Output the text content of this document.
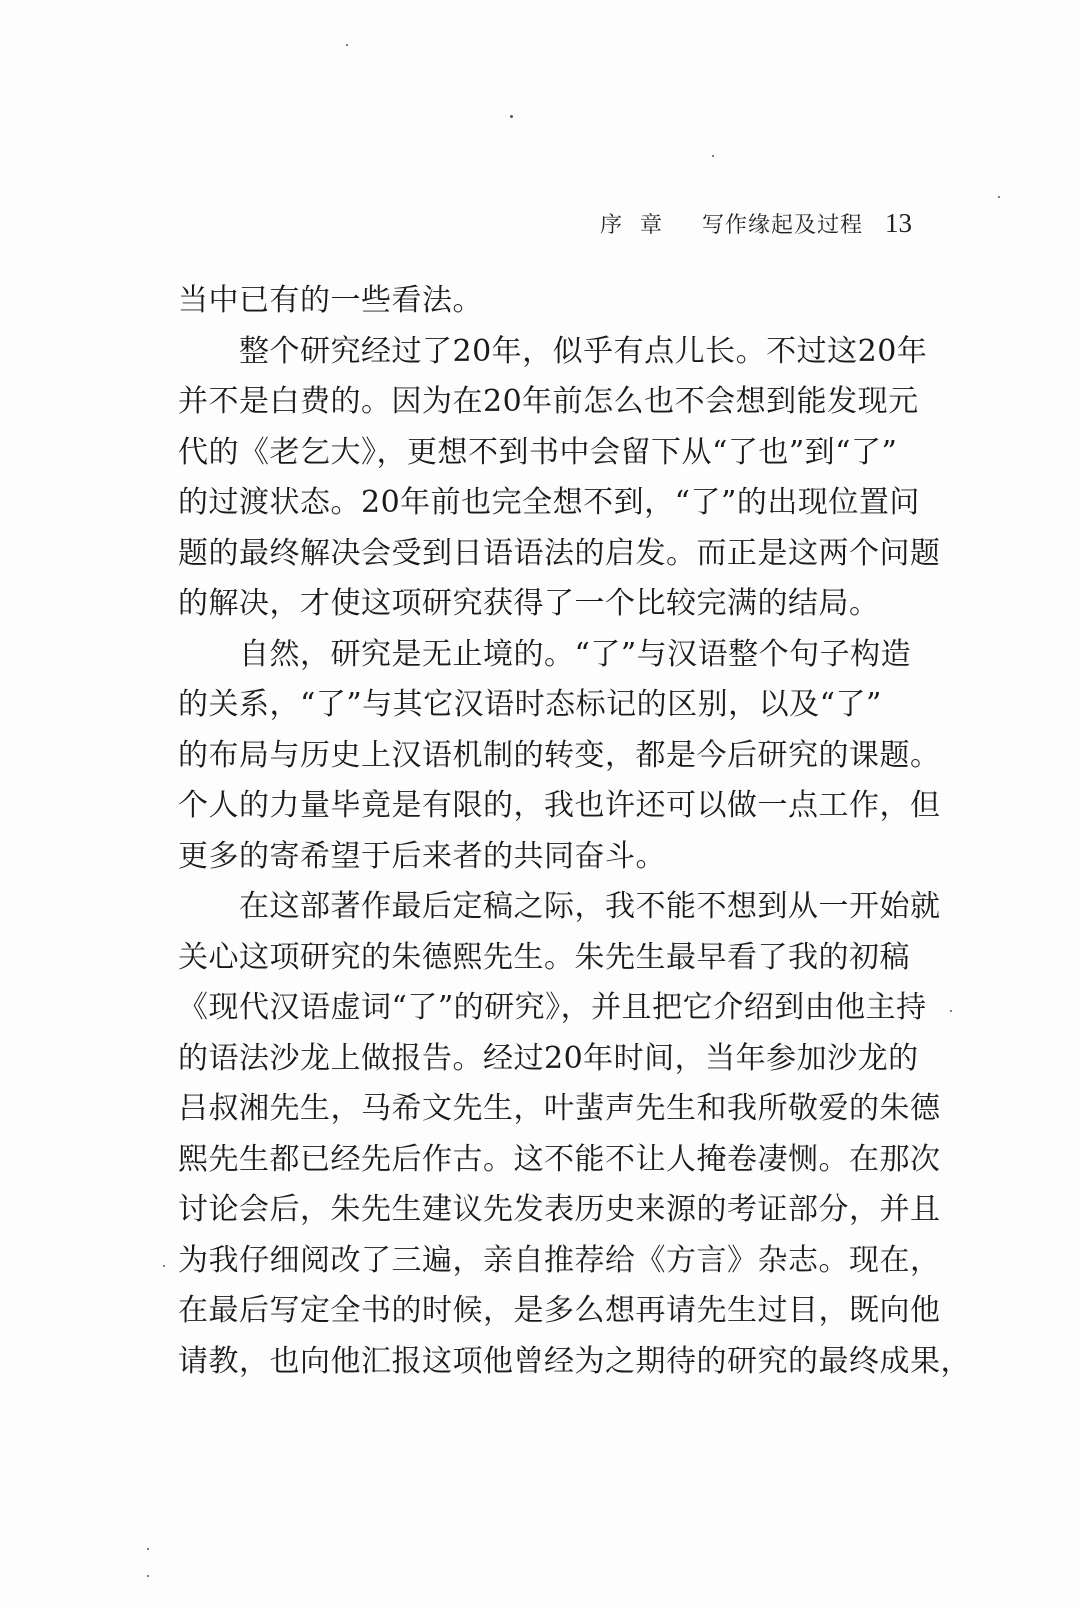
序章 写作缘起及过程 13
当中已有的一些看法。
　　整个研究经过了20年，似乎有点儿长。不过这20年
并不是白费的。因为在20年前怎么也不会想到能发现元
代的《老乞大》，更想不到书中会留下从“了也”到“了”
的过渡状态。20年前也完全想不到，“了”的出现位置问
题的最终解决会受到日语语法的启发。而正是这两个问题
的解决，才使这项研究获得了一个比较完满的结局。
　　自然，研究是无止境的。“了”与汉语整个句子构造
的关系，“了”与其它汉语时态标记的区别，以及“了”
的布局与历史上汉语机制的转变，都是今后研究的课题。
个人的力量毕竟是有限的，我也许还可以做一点工作，但
更多的寄希望于后来者的共同奋斗。
　　在这部著作最后定稿之际，我不能不想到从一开始就
关心这项研究的朱德熙先生。朱先生最早看了我的初稿
《现代汉语虚词“了”的研究》，并且把它介绍到由他主持
的语法沙龙上做报告。经过20年时间，当年参加沙龙的
吕叔湘先生，马希文先生，叶蜚声先生和我所敬爱的朱德
熙先生都已经先后作古。这不能不让人掩卷凄恻。在那次
讨论会后，朱先生建议先发表历史来源的考证部分，并且
为我仔细阅改了三遍，亲自推荐给《方言》杂志。现在，
在最后写定全书的时候，是多么想再请先生过目，既向他
请教，也向他汇报这项他曾经为之期待的研究的最终成果，
